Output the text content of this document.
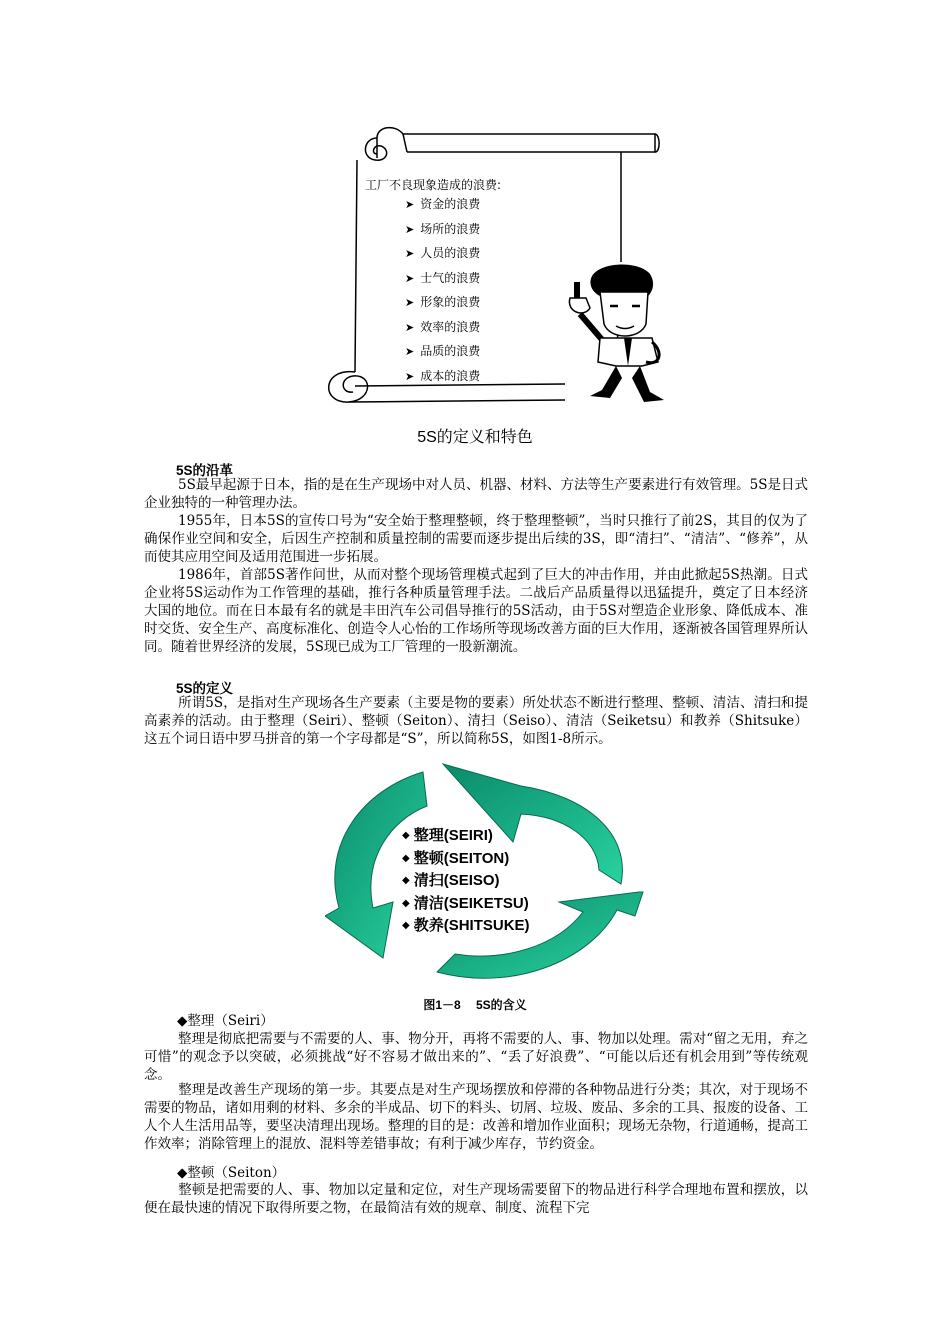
工厂不良现象造成的浪费:
➤ 资金的浪费
➤ 场所的浪费
➤ 人员的浪费
➤ 士气的浪费
➤ 形象的浪费
➤ 效率的浪费
➤ 品质的浪费
➤ 成本的浪费
5S的定义和特色
5S的沿革

5S最早起源于日本，指的是在生产现场中对人员、机器、材料、方法等生产要素进行有效管理。5S是日式企业独特的一种管理办法。

1955年，日本5S的宣传口号为“安全始于整理整顿，终于整理整顿”，当时只推行了前2S，其目的仅为了确保作业空间和安全，后因生产控制和质量控制的需要而逐步提出后续的3S，即“清扫”、“清洁”、“修养”，从而使其应用空间及适用范围进一步拓展。

1986年，首部5S著作问世，从而对整个现场管理模式起到了巨大的冲击作用，并由此掀起5S热潮。日式企业将5S运动作为工作管理的基础，推行各种质量管理手法。二战后产品质量得以迅猛提升，奠定了日本经济大国的地位。而在日本最有名的就是丰田汽车公司倡导推行的5S活动，由于5S对塑造企业形象、降低成本、准时交货、安全生产、高度标准化、创造令人心怡的工作场所等现场改善方面的巨大作用，逐渐被各国管理界所认同。随着世界经济的发展，5S现已成为工厂管理的一股新潮流。

5S的定义

所谓5S，是指对生产现场各生产要素（主要是物的要素）所处状态不断进行整理、整顿、清洁、清扫和提高素养的活动。由于整理（Seiri）、整顿（Seiton）、清扫（Seiso）、清洁（Seiketsu）和教养（Shitsuke）这五个词日语中罗马拼音的第一个字母都是“S”，所以简称5S，如图1-8所示。

◆ 整理(SEIRI)
◆ 整顿(SEITON)
◆ 清扫(SEISO)
◆ 清洁(SEIKETSU)
◆ 教养(SHITSUKE)
图1－8　 5S的含义
◆整理（Seiri）

整理是彻底把需要与不需要的人、事、物分开，再将不需要的人、事、物加以处理。需对“留之无用，弃之可惜”的观念予以突破，必须挑战“好不容易才做出来的”、“丢了好浪费”、“可能以后还有机会用到”等传统观念。

整理是改善生产现场的第一步。其要点是对生产现场摆放和停滞的各种物品进行分类；其次，对于现场不需要的物品，诸如用剩的材料、多余的半成品、切下的料头、切屑、垃圾、废品、多余的工具、报废的设备、工人个人生活用品等，要坚决清理出现场。整理的目的是：改善和增加作业面积；现场无杂物，行道通畅，提高工作效率；消除管理上的混放、混料等差错事故；有利于减少库存，节约资金。

◆整顿（Seiton）

整顿是把需要的人、事、物加以定量和定位，对生产现场需要留下的物品进行科学合理地布置和摆放，以便在最快速的情况下取得所要之物，在最简洁有效的规章、制度、流程下完
